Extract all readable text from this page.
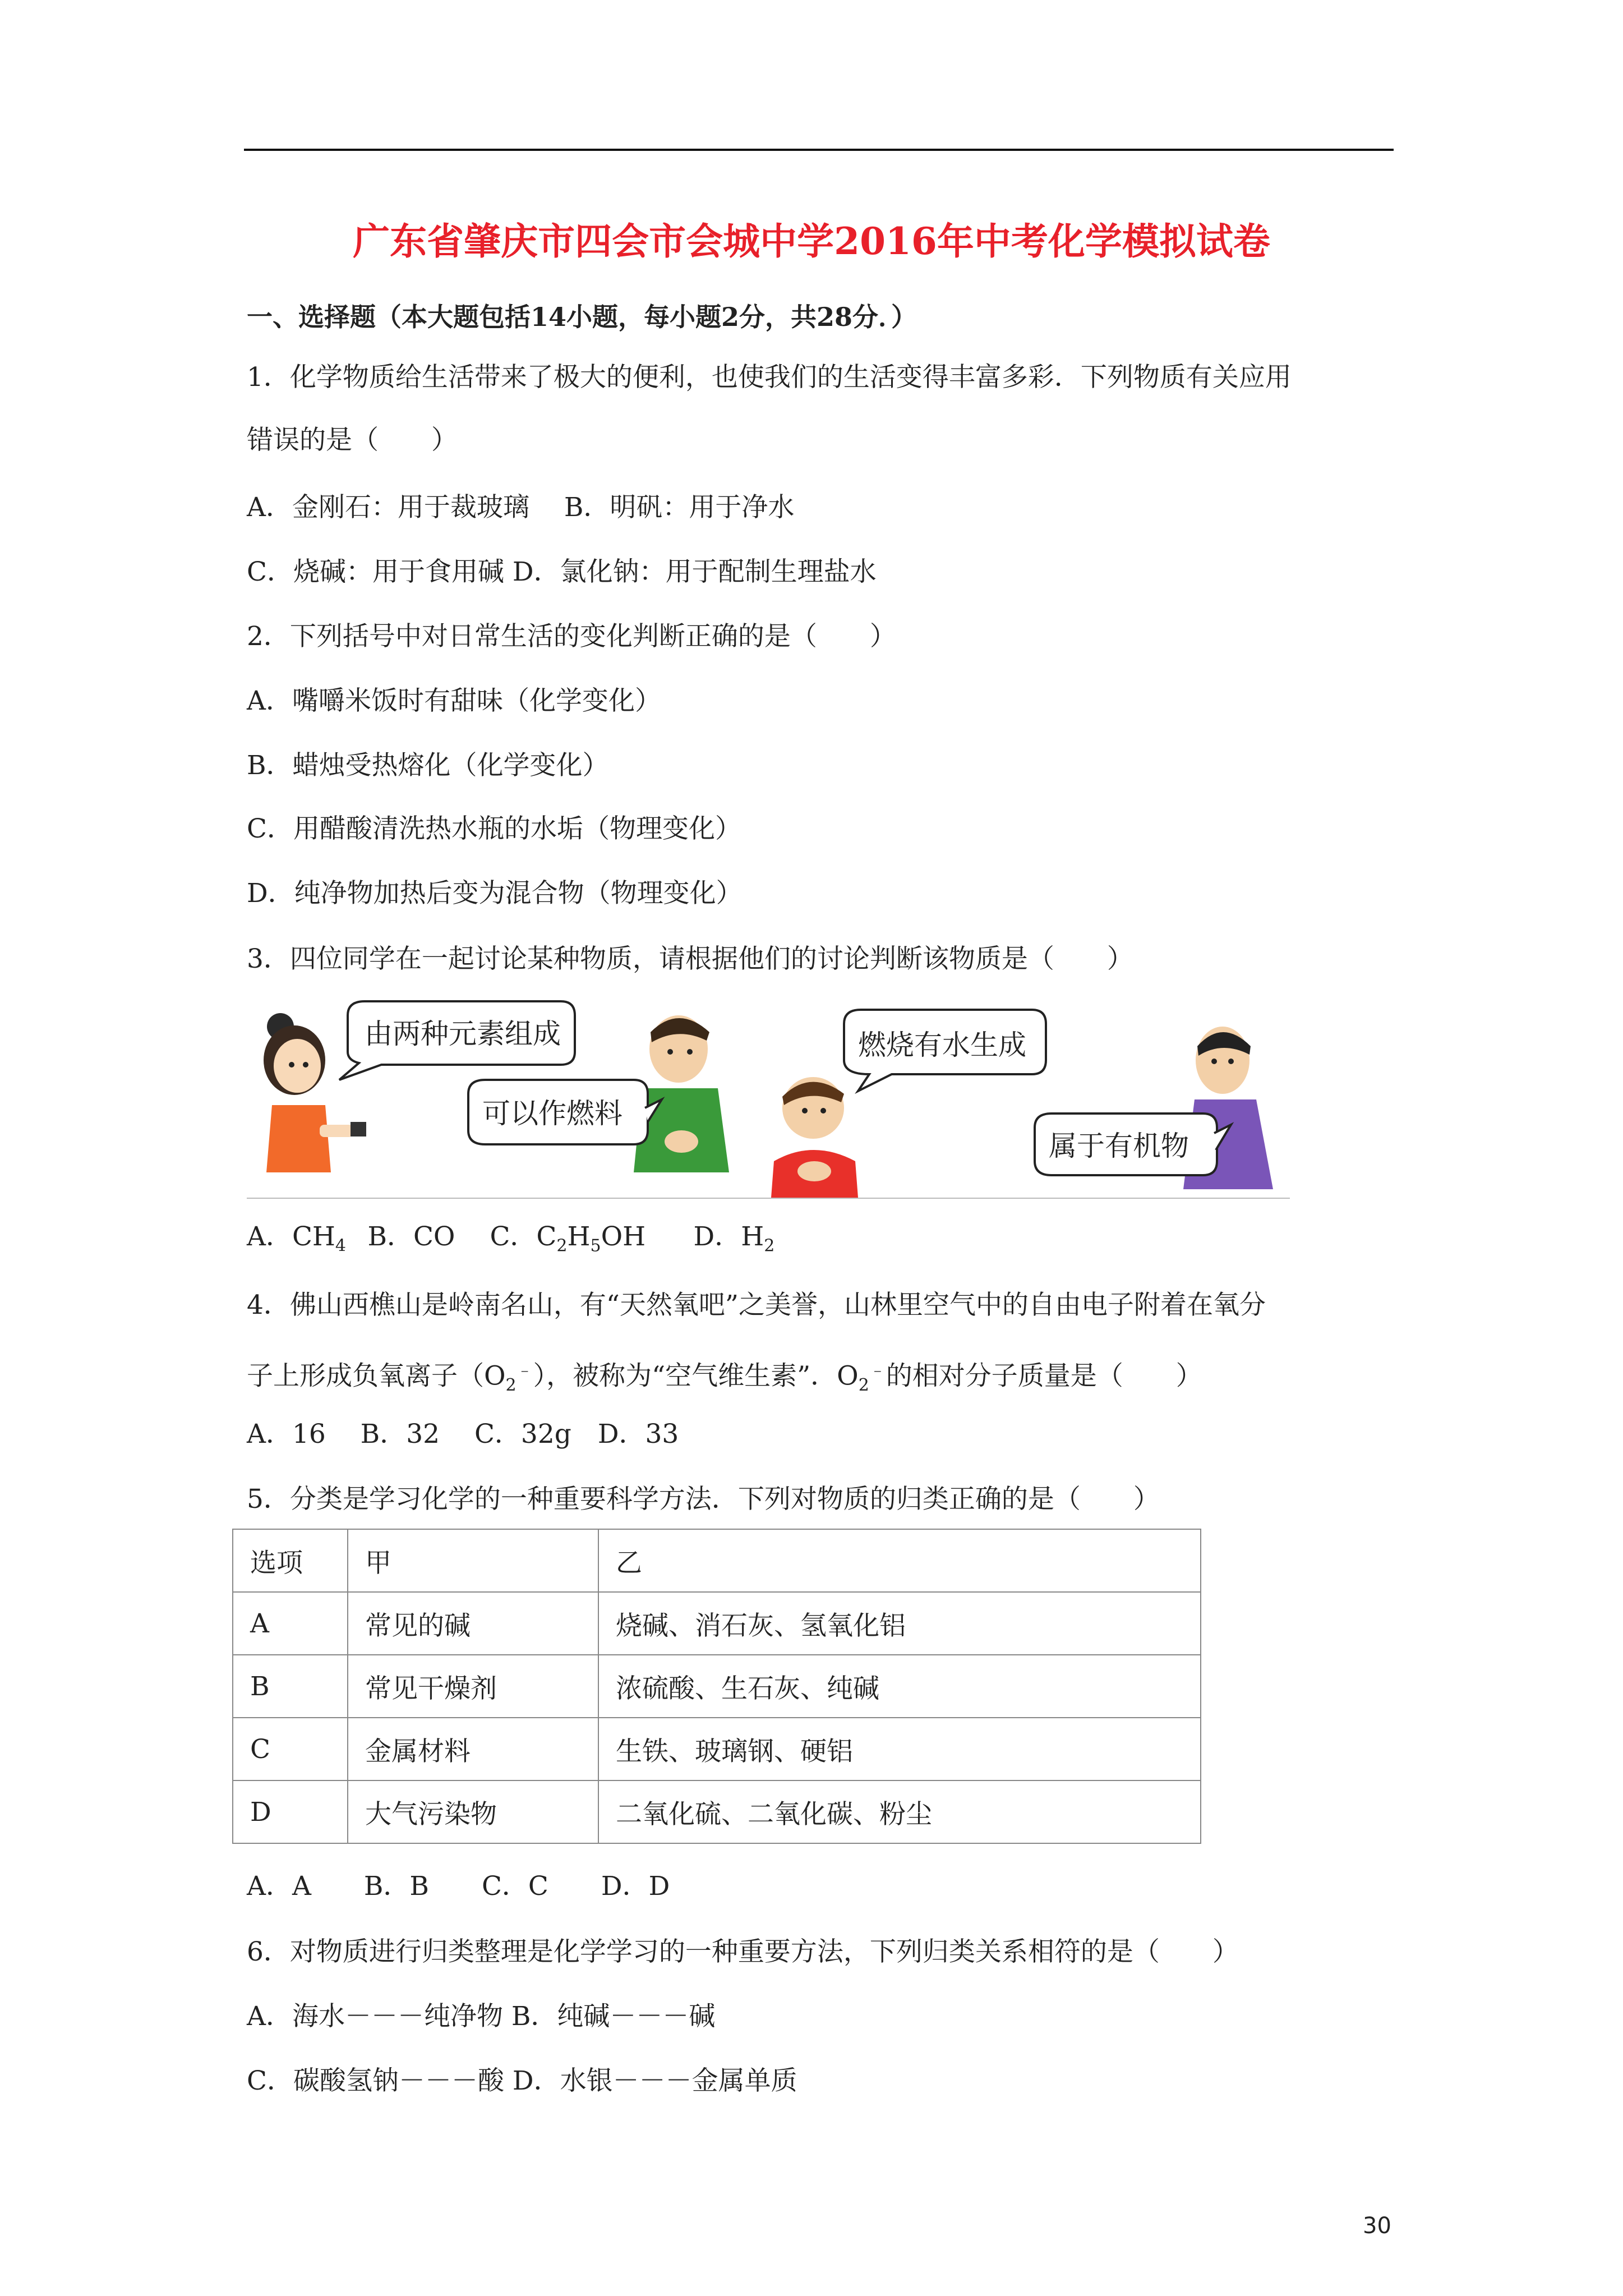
广东省肇庆市四会市会城中学2016年中考化学模拟试卷
一、选择题（本大题包括14小题，每小题2分，共28分．）
1．化学物质给生活带来了极大的便利，也使我们的生活变得丰富多彩．下列物质有关应用
错误的是（　　）
A．金刚石：用于裁玻璃　 B．明矾：用于净水
C．烧碱：用于食用碱 D．氯化钠：用于配制生理盐水
2．下列括号中对日常生活的变化判断正确的是（　　）
A．嘴嚼米饭时有甜味（化学变化）
B．蜡烛受热熔化（化学变化）
C．用醋酸清洗热水瓶的水垢（物理变化）
D．纯净物加热后变为混合物（物理变化）
3．四位同学在一起讨论某种物质，请根据他们的讨论判断该物质是（　　）
由两种元素组成
可以作燃料
燃烧有水生成
属于有机物
A．$CH_4$  B．CO  C．$C_2H_5OH$   D．$H_2$
4．佛山西樵山是岭南名山，有“天然氧吧”之美誉，山林里空气中的自由电子附着在氧分
子上形成负氧离子$(O_2^﹣)$，被称为“空气维生素”．$O_2^﹣$的相对分子质量是（　　）
A．16　 B．32　 C．32g　D．33
5．分类是学习化学的一种重要科学方法．下列对物质的归类正确的是（　　）
选项	甲	乙
A	常见的碱	烧碱、消石灰、氢氧化铝
B	常见干燥剂	浓硫酸、生石灰、纯碱
C	金属材料	生铁、玻璃钢、硬铝
D	大气污染物	二氧化硫、二氧化碳、粉尘
A．A　　B．B　　C．C　　D．D
6．对物质进行归类整理是化学学习的一种重要方法，下列归类关系相符的是（　　）
A．海水－－－纯净物 B．纯碱－－－碱
C．碳酸氢钠－－－酸 D．水银－－－金属单质
30
